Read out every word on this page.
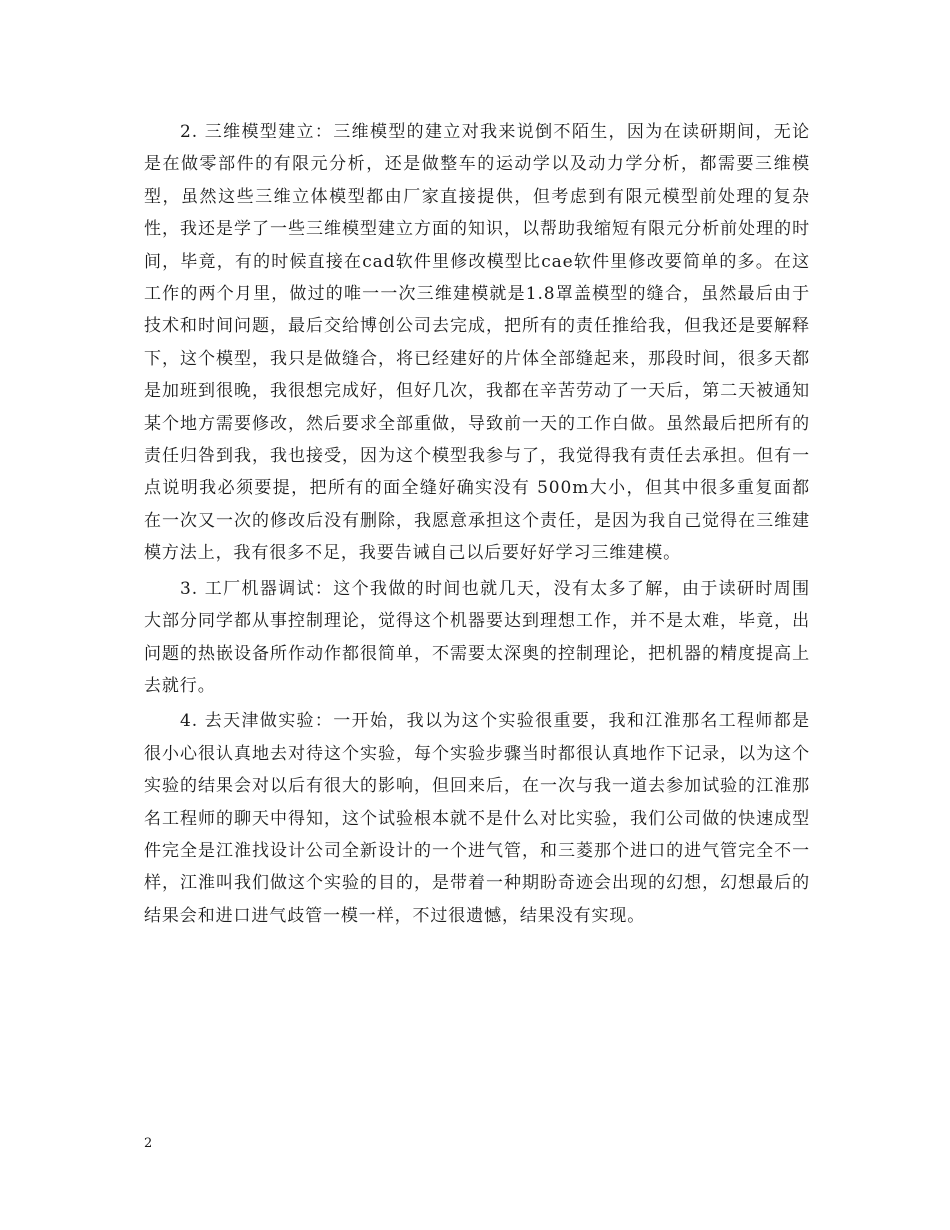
2. 三维模型建立：三维模型的建立对我来说倒不陌生，因为在读研期间，无论是在做零部件的有限元分析，还是做整车的运动学以及动力学分析，都需要三维模型，虽然这些三维立体模型都由厂家直接提供，但考虑到有限元模型前处理的复杂性，我还是学了一些三维模型建立方面的知识，以帮助我缩短有限元分析前处理的时间，毕竟，有的时候直接在cad软件里修改模型比cae软件里修改要简单的多。在这工作的两个月里，做过的唯一一次三维建模就是1.8罩盖模型的缝合，虽然最后由于技术和时间问题，最后交给博创公司去完成，把所有的责任推给我，但我还是要解释下，这个模型，我只是做缝合，将已经建好的片体全部缝起来，那段时间，很多天都是加班到很晚，我很想完成好，但好几次，我都在辛苦劳动了一天后，第二天被通知某个地方需要修改，然后要求全部重做，导致前一天的工作白做。虽然最后把所有的责任归咎到我，我也接受，因为这个模型我参与了，我觉得我有责任去承担。但有一点说明我必须要提，把所有的面全缝好确实没有 500m大小，但其中很多重复面都在一次又一次的修改后没有删除，我愿意承担这个责任，是因为我自己觉得在三维建模方法上，我有很多不足，我要告诫自己以后要好好学习三维建模。

3. 工厂机器调试：这个我做的时间也就几天，没有太多了解，由于读研时周围大部分同学都从事控制理论，觉得这个机器要达到理想工作，并不是太难，毕竟，出问题的热嵌设备所作动作都很简单，不需要太深奥的控制理论，把机器的精度提高上去就行。

4. 去天津做实验：一开始，我以为这个实验很重要，我和江淮那名工程师都是很小心很认真地去对待这个实验，每个实验步骤当时都很认真地作下记录，以为这个实验的结果会对以后有很大的影响，但回来后，在一次与我一道去参加试验的江淮那名工程师的聊天中得知，这个试验根本就不是什么对比实验，我们公司做的快速成型件完全是江淮找设计公司全新设计的一个进气管，和三菱那个进口的进气管完全不一样，江淮叫我们做这个实验的目的，是带着一种期盼奇迹会出现的幻想，幻想最后的结果会和进口进气歧管一模一样，不过很遗憾，结果没有实现。

2
